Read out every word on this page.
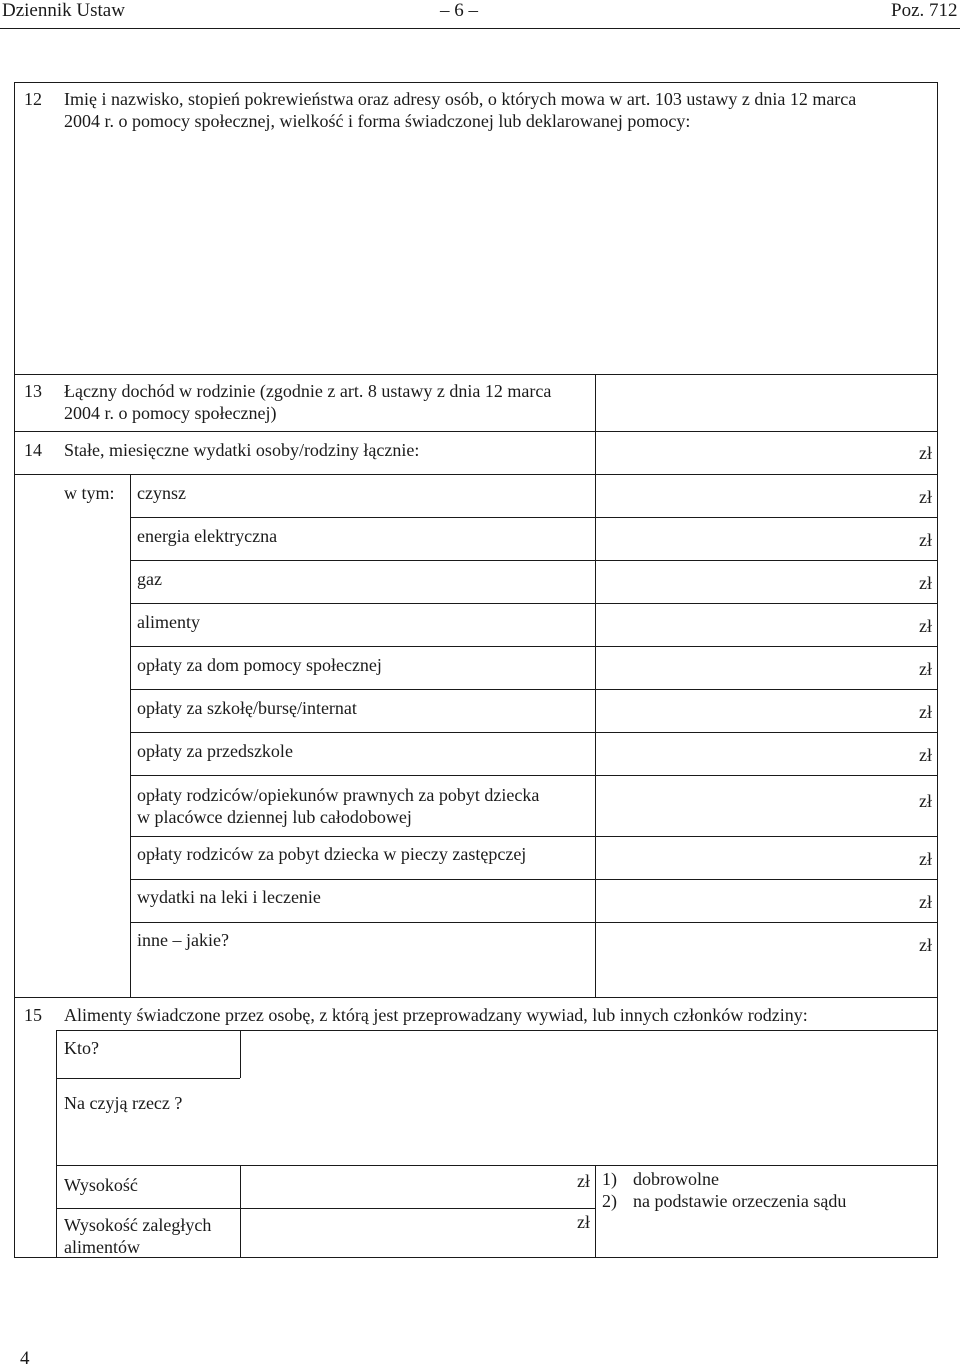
Dziennik Ustaw	– 6 –	Poz. 712
12 Imię i nazwisko, stopień pokrewieństwa oraz adresy osób, o których mowa w art. 103 ustawy z dnia 12 marca
2004 r. o pomocy społecznej, wielkość i forma świadczonej lub deklarowanej pomocy:
13 Łączny dochód w rodzinie (zgodnie z art. 8 ustawy z dnia 12 marca
2004 r. o pomocy społecznej)
14 Stałe, miesięczne wydatki osoby/rodziny łącznie:	zł
w tym: czynsz	zł
energia elektryczna	zł
gaz	zł
alimenty	zł
opłaty za dom pomocy społecznej	zł
opłaty za szkołę/bursę/internat	zł
opłaty za przedszkole	zł
opłaty rodziców/opiekunów prawnych za pobyt dziecka
w placówce dziennej lub całodobowej
zł
opłaty rodziców za pobyt dziecka w pieczy zastępczej	zł
wydatki na leki i leczenie	zł
inne – jakie?	zł
15 Alimenty świadczone przez osobę, z którą jest przeprowadzany wywiad, lub innych członków rodziny:
Kto?
Na czyją rzecz ?
Wysokość	zł
Wysokość zaległych
alimentów
zł
1) dobrowolne
2) na podstawie orzeczenia sądu
4
